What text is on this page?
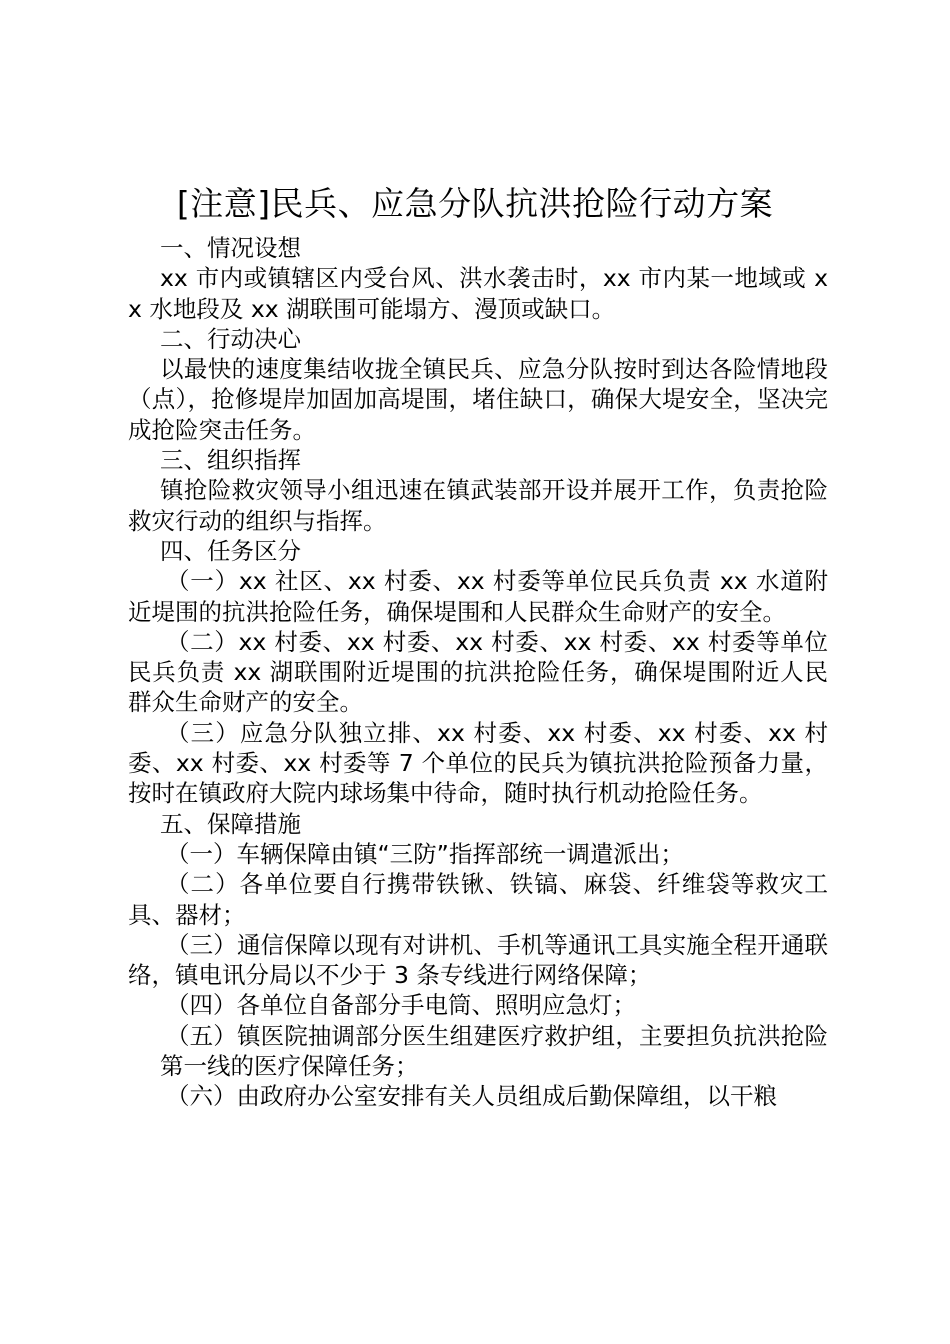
[注意]民兵、应急分队抗洪抢险行动方案

一、情况设想

xx 市内或镇辖区内受台风、洪水袭击时，xx 市内某一地域或 xx 水地段及 xx 湖联围可能塌方、漫顶或缺口。

二、行动决心

以最快的速度集结收拢全镇民兵、应急分队按时到达各险情地段（点），抢修堤岸加固加高堤围，堵住缺口，确保大堤安全，坚决完成抢险突击任务。

三、组织指挥

镇抢险救灾领导小组迅速在镇武装部开设并展开工作，负责抢险救灾行动的组织与指挥。

四、任务区分

（一）xx 社区、xx 村委、xx 村委等单位民兵负责 xx 水道附近堤围的抗洪抢险任务，确保堤围和人民群众生命财产的安全。

（二）xx 村委、xx 村委、xx 村委、xx 村委、xx 村委等单位民兵负责 xx 湖联围附近堤围的抗洪抢险任务，确保堤围附近人民群众生命财产的安全。

（三）应急分队独立排、xx 村委、xx 村委、xx 村委、xx 村委、xx 村委、xx 村委等 7 个单位的民兵为镇抗洪抢险预备力量，按时在镇政府大院内球场集中待命，随时执行机动抢险任务。

五、保障措施

（一）车辆保障由镇“三防”指挥部统一调遣派出；

（二）各单位要自行携带铁锹、铁镐、麻袋、纤维袋等救灾工具、器材；

（三）通信保障以现有对讲机、手机等通讯工具实施全程开通联络，镇电讯分局以不少于 3 条专线进行网络保障；

（四）各单位自备部分手电筒、照明应急灯；

（五）镇医院抽调部分医生组建医疗救护组，主要担负抗洪抢险第一线的医疗保障任务；

（六）由政府办公室安排有关人员组成后勤保障组，以干粮
